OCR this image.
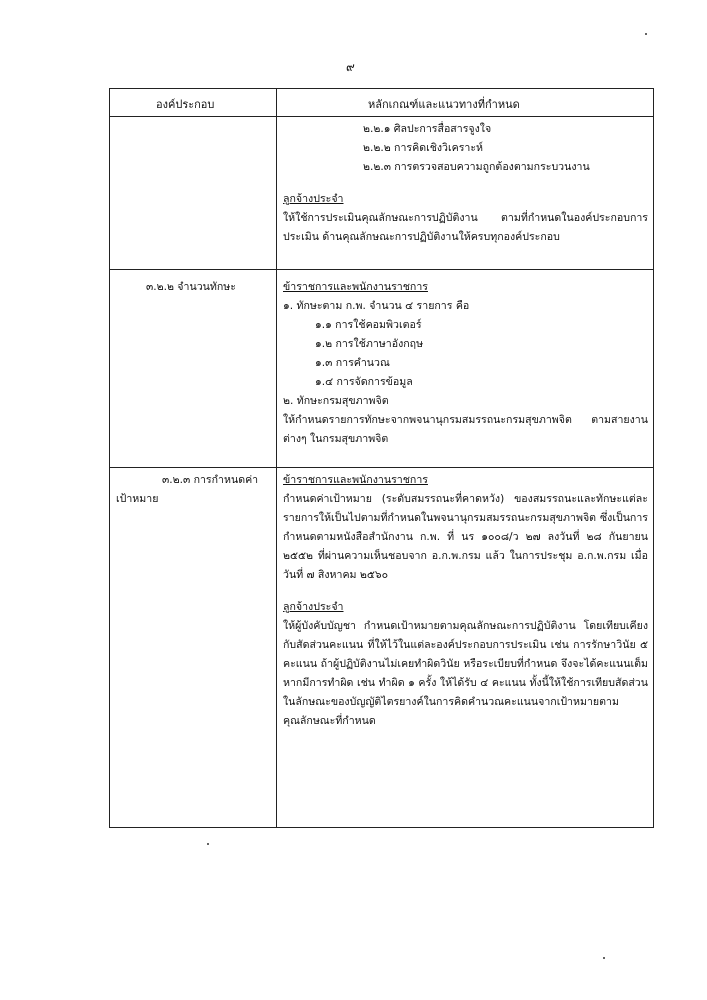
๙
องค์ประกอบ	หลักเกณฑ์และแนวทางที่กำหนด

๒.๒.๑ ศิลปะการสื่อสารจูงใจ

๒.๒.๒ การคิดเชิงวิเคราะห์

๒.๒.๓ การตรวจสอบความถูกต้องตามกระบวนงาน

ลูกจ้างประจำ

ให้ใช้การประเมินคุณลักษณะการปฏิบัติงาน ตามที่กำหนดในองค์ประกอบการประเมิน ด้านคุณลักษณะการปฏิบัติงานให้ครบทุกองค์ประกอบ

๓.๒.๒ จำนวนทักษะ	ข้าราชการและพนักงานราชการ

๑. ทักษะตาม ก.พ. จำนวน ๔ รายการ คือ

๑.๑ การใช้คอมพิวเตอร์

๑.๒ การใช้ภาษาอังกฤษ

๑.๓ การคำนวณ

๑.๔ การจัดการข้อมูล

๒. ทักษะกรมสุขภาพจิต

ให้กำหนดรายการทักษะจากพจนานุกรมสมรรถนะกรมสุขภาพจิต ตามสายงานต่างๆ ในกรมสุขภาพจิต

๓.๒.๓ การกำหนดค่า
เป้าหมาย

ข้าราชการและพนักงานราชการ

กำหนดค่าเป้าหมาย (ระดับสมรรถนะที่คาดหวัง) ของสมรรถนะและทักษะแต่ละรายการให้เป็นไปตามที่กำหนดในพจนานุกรมสมรรถนะกรมสุขภาพจิต ซึ่งเป็นการกำหนดตามหนังสือสำนักงาน ก.พ. ที่ นร ๑๐๐๘/ว ๒๗ ลงวันที่ ๒๘ กันยายน ๒๕๕๒ ที่ผ่านความเห็นชอบจาก อ.ก.พ.กรม แล้ว ในการประชุม อ.ก.พ.กรม เมื่อวันที่ ๗ สิงหาคม ๒๕๖๐

ลูกจ้างประจำ

ให้ผู้บังคับบัญชา กำหนดเป้าหมายตามคุณลักษณะการปฏิบัติงาน โดยเทียบเคียงกับสัดส่วนคะแนน ที่ให้ไว้ในแต่ละองค์ประกอบการประเมิน เช่น การรักษาวินัย ๕ คะแนน ถ้าผู้ปฏิบัติงานไม่เคยทำผิดวินัย หรือระเบียบที่กำหนด จึงจะได้คะแนนเต็ม หากมีการทำผิด เช่น ทำผิด ๑ ครั้ง ให้ได้รับ ๔ คะแนน ทั้งนี้ให้ใช้การเทียบสัดส่วนในลักษณะของบัญญัติไตรยางค์ในการคิดคำนวณคะแนนจากเป้าหมายตามคุณลักษณะที่กำหนด
